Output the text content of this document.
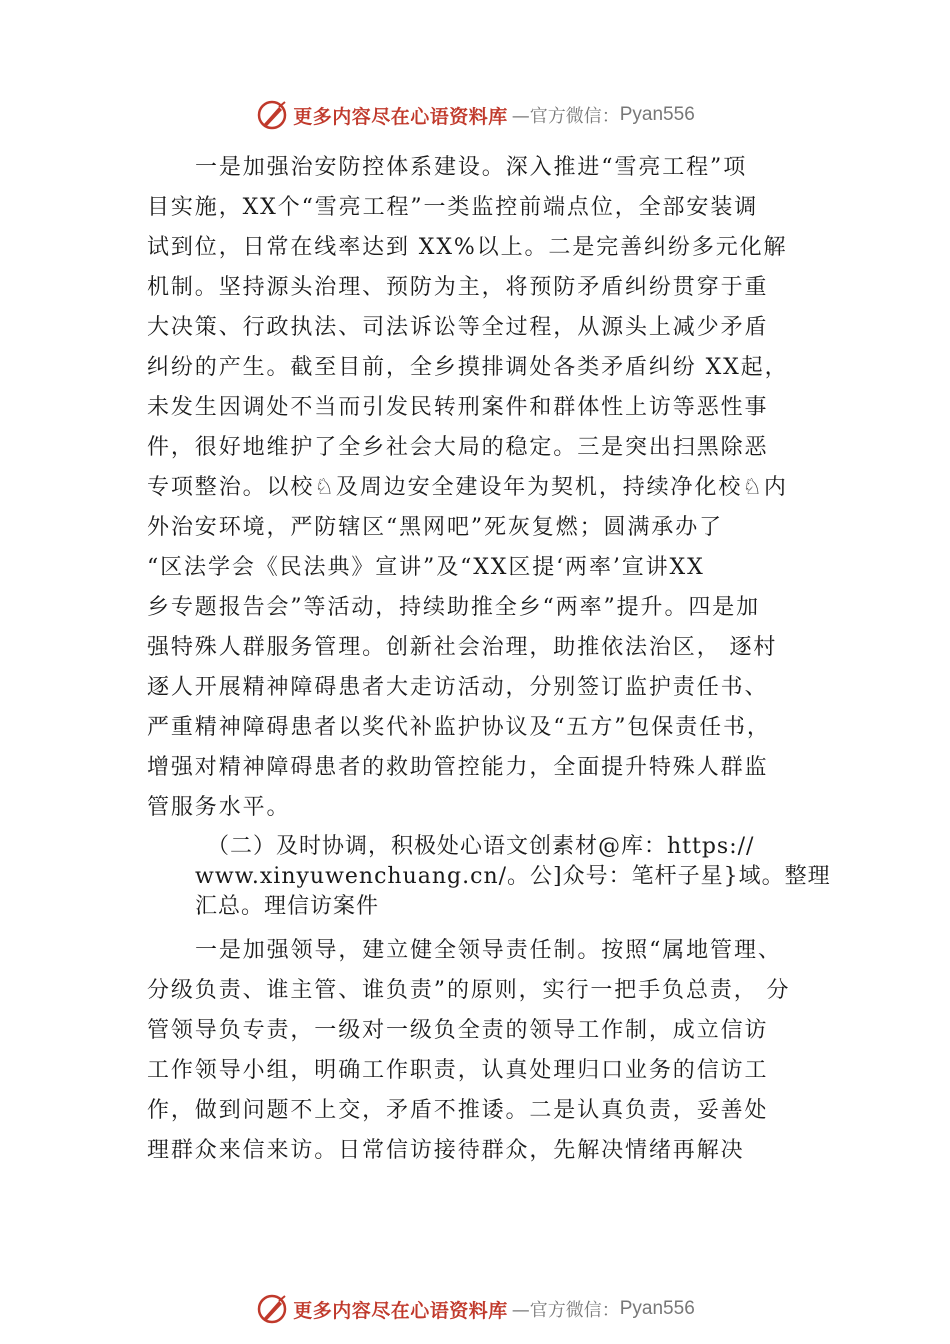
更多内容尽在心语资料库 —官方微信： Pyan556
一是加强治安防控体系建设。深入推进“雪亮工程”项
目实施，XX个“雪亮工程”一类监控前端点位，全部安装调
试到位，日常在线率达到 XX%以上。二是完善纠纷多元化解
机制。坚持源头治理、预防为主，将预防矛盾纠纷贯穿于重
大决策、行政执法、司法诉讼等全过程，从源头上减少矛盾
纠纷的产生。截至目前，全乡摸排调处各类矛盾纠纷 XX起，
未发生因调处不当而引发民转刑案件和群体性上访等恶性事
件，很好地维护了全乡社会大局的稳定。三是突出扫黑除恶
专项整治。以校♘及周边安全建设年为契机，持续净化校♘内
外治安环境，严防辖区“黑网吧”死灰复燃；圆满承办了
“区法学会《民法典》宣讲”及“XX区提‘两率’宣讲XX
乡专题报告会”等活动，持续助推全乡“两率”提升。四是加
强特殊人群服务管理。创新社会治理，助推依法治区， 逐村
逐人开展精神障碍患者大走访活动，分别签订监护责任书、
严重精神障碍患者以奖代补监护协议及“五方”包保责任书，
增强对精神障碍患者的救助管控能力，全面提升特殊人群监
管服务水平。
（二）及时协调，积极处心语文创素材@库：https://
www.xinyuwenchuang.cn/。公]众号：笔杆子星}域。整理
汇总。理信访案件
一是加强领导，建立健全领导责任制。按照“属地管理、
分级负责、谁主管、谁负责”的原则，实行一把手负总责， 分
管领导负专责，一级对一级负全责的领导工作制，成立信访
工作领导小组，明确工作职责，认真处理归口业务的信访工
作，做到问题不上交，矛盾不推诿。二是认真负责，妥善处
理群众来信来访。日常信访接待群众，先解决情绪再解决
更多内容尽在心语资料库 —官方微信： Pyan556
